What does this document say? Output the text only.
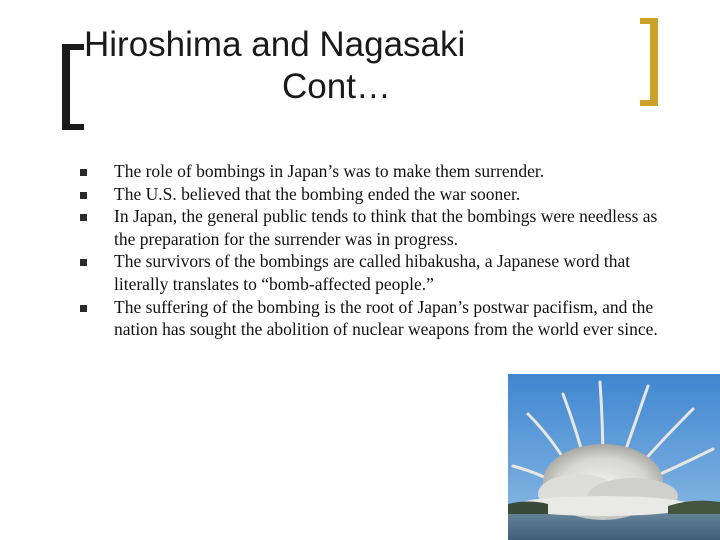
Hiroshima and Nagasaki
Cont…
The role of bombings in Japan’s was to make them surrender.
The U.S. believed that the bombing ended the war sooner.
In Japan, the general public tends to think that the bombings were needless as the preparation for the surrender was in progress.
The survivors of the bombings are called hibakusha, a Japanese word that literally translates to “bomb-affected people.”
The suffering of the bombing is the root of Japan’s postwar pacifism, and the nation has sought the abolition of nuclear weapons from the world ever since.
